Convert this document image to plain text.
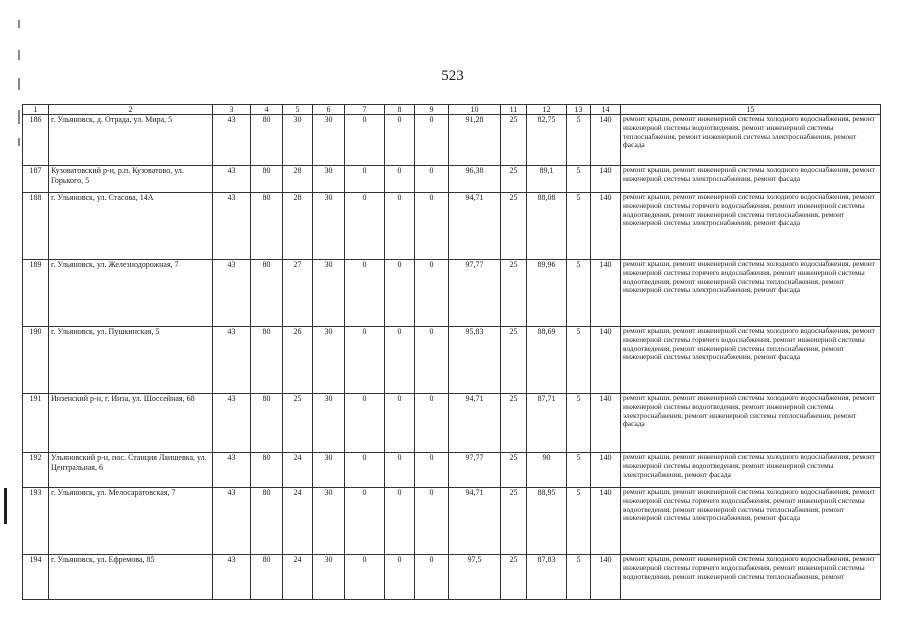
523
1	2	3	4	5	6	7	8	9	10	11	12	13	14	15
186	г. Ульяновск, д. Отрада, ул. Мира, 5	43	80	30	30	0	0	0	91,28	25	82,75	5	140	ремонт крыши, ремонт инженерной системы холодного водоснабжения, ремонт инженерной системы водоотведения, ремонт инженерной системы теплоснабжения, ремонт инженерной системы электроснабжения, ремонт фасада
187	Кузоватовский р-н, р.п. Кузоватово, ул. Горького, 5	43	80	28	30	0	0	0	96,38	25	89,1	5	140	ремонт крыши, ремонт инженерной системы холодного водоснабжения, ремонт инженерной системы электроснабжения, ремонт фасада
188	г. Ульяновск, ул. Стасова, 14А	43	80	28	30	0	0	0	94,71	25	88,08	5	140	ремонт крыши, ремонт инженерной системы холодного водоснабжения, ремонт инженерной системы горячего водоснабжения, ремонт инженерной системы водоотведения, ремонт инженерной системы теплоснабжения, ремонт инженерной системы электроснабжения, ремонт фасада
189	г. Ульяновск, ул. Железнодорожная, 7	43	80	27	30	0	0	0	97,77	25	89,96	5	140	ремонт крыши, ремонт инженерной системы холодного водоснабжения, ремонт инженерной системы горячего водоснабжения, ремонт инженерной системы водоотведения, ремонт инженерной системы теплоснабжения, ремонт инженерной системы электроснабжения, ремонт фасада
190	г. Ульяновск, ул. Пушкинская, 5	43	80	26	30	0	0	0	95,83	25	88,69	5	140	ремонт крыши, ремонт инженерной системы холодного водоснабжения, ремонт инженерной системы горячего водоснабжения, ремонт инженерной системы водоотведения, ремонт инженерной системы теплоснабжения, ремонт инженерной системы электроснабжения, ремонт фасада
191	Инзенский р-н, г. Инза, ул. Шоссейная, 68	43	80	25	30	0	0	0	94,71	25	87,71	5	140	ремонт крыши, ремонт инженерной системы холодного водоснабжения, ремонт инженерной системы водоотведения, ремонт инженерной системы электроснабжения, ремонт инженерной системы теплоснабжения, ремонт фасада
192	Ульяновский р-н, пос. Станция Лаишевка, ул. Центральная, 6	43	80	24	30	0	0	0	97,77	25	90	5	140	ремонт крыши, ремонт инженерной системы холодного водоснабжения, ремонт инженерной системы водоотведения, ремонт инженерной системы электроснабжения, ремонт фасада
193	г. Ульяновск, ул. Мелосаратовская, 7	43	80	24	30	0	0	0	94,71	25	88,95	5	140	ремонт крыши, ремонт инженерной системы холодного водоснабжения, ремонт инженерной системы горячего водоснабжения, ремонт инженерной системы водоотведения, ремонт инженерной системы теплоснабжения, ремонт инженерной системы электроснабжения, ремонт фасада
194	г. Ульяновск, ул. Ефремова, 85	43	80	24	30	0	0	0	97,5	25	87,83	5	140	ремонт крыши, ремонт инженерной системы холодного водоснабжения, ремонт инженерной системы горячего водоснабжения, ремонт инженерной системы водоотведения, ремонт инженерной системы теплоснабжения, ремонт
